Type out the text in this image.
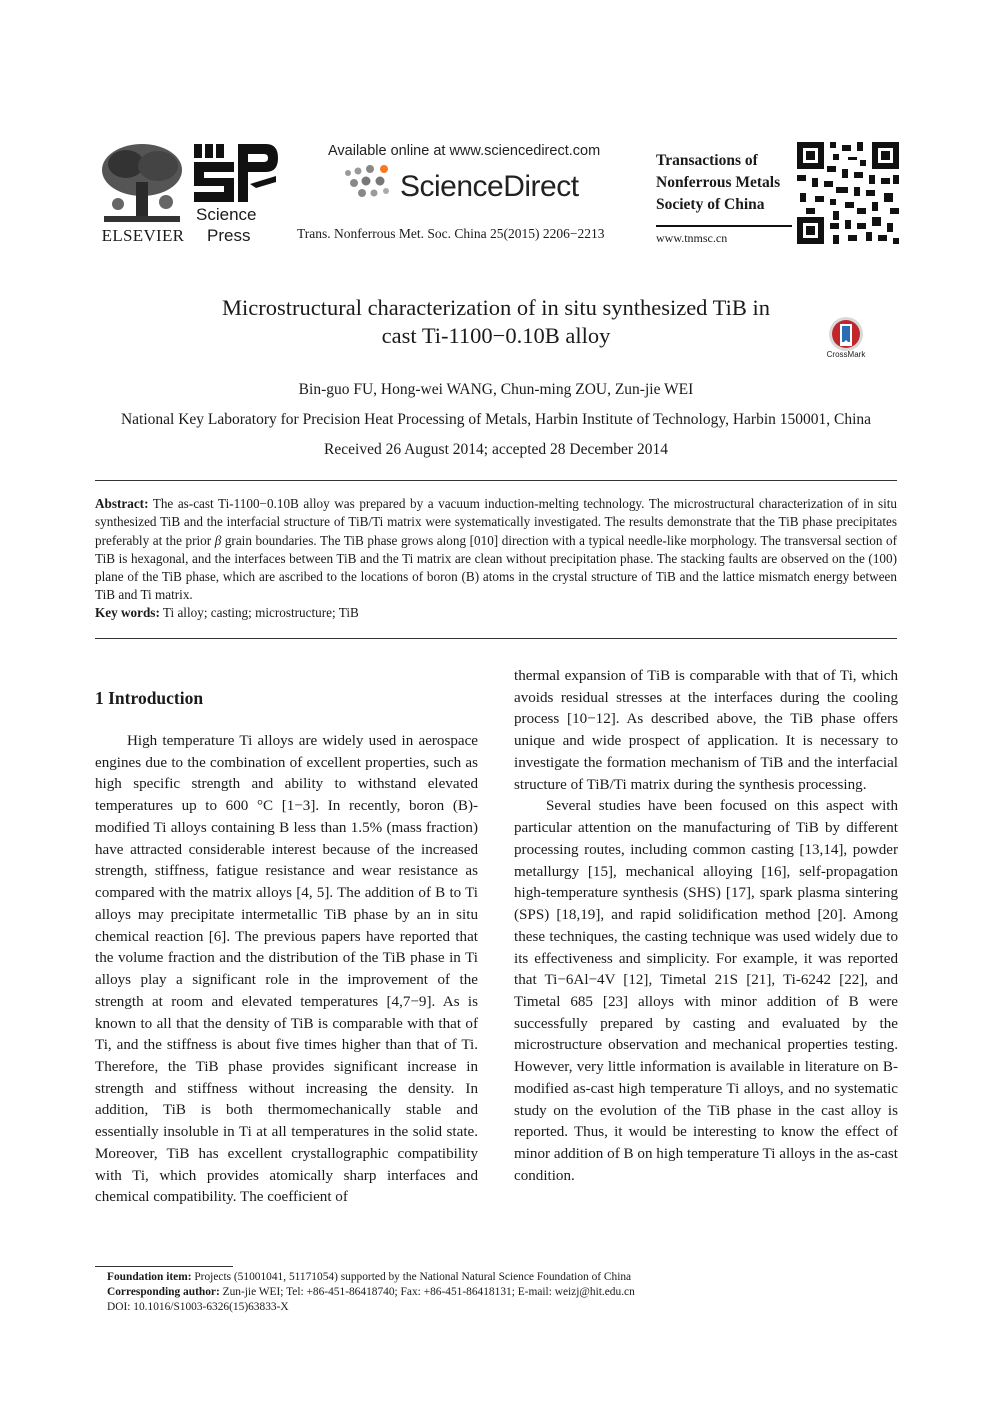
ELSEVIER
Science
Press
Available online at www.sciencedirect.com
ScienceDirect
Trans. Nonferrous Met. Soc. China 25(2015) 2206−2213
Transactions of
Nonferrous Metals
Society of China
www.tnmsc.cn
Microstructural characterization of in situ synthesized TiB in
cast Ti-1100−0.10B alloy
CrossMark
Bin-guo FU, Hong-wei WANG, Chun-ming ZOU, Zun-jie WEI
National Key Laboratory for Precision Heat Processing of Metals, Harbin Institute of Technology, Harbin 150001, China
Received 26 August 2014; accepted 28 December 2014
Abstract: The as-cast Ti-1100−0.10B alloy was prepared by a vacuum induction-melting technology. The microstructural characterization of in situ synthesized TiB and the interfacial structure of TiB/Ti matrix were systematically investigated. The results demonstrate that the TiB phase precipitates preferably at the prior β grain boundaries. The TiB phase grows along [010] direction with a typical needle-like morphology. The transversal section of TiB is hexagonal, and the interfaces between TiB and the Ti matrix are clean without precipitation phase. The stacking faults are observed on the (100) plane of the TiB phase, which are ascribed to the locations of boron (B) atoms in the crystal structure of TiB and the lattice mismatch energy between TiB and Ti matrix.
Key words: Ti alloy; casting; microstructure; TiB
1 Introduction

High temperature Ti alloys are widely used in aerospace engines due to the combination of excellent properties, such as high specific strength and ability to withstand elevated temperatures up to 600 °C [1−3]. In recently, boron (B)-modified Ti alloys containing B less than 1.5% (mass fraction) have attracted considerable interest because of the increased strength, stiffness, fatigue resistance and wear resistance as compared with the matrix alloys [4, 5]. The addition of B to Ti alloys may precipitate intermetallic TiB phase by an in situ chemical reaction [6]. The previous papers have reported that the volume fraction and the distribution of the TiB phase in Ti alloys play a significant role in the improvement of the strength at room and elevated temperatures [4,7−9]. As is known to all that the density of TiB is comparable with that of Ti, and the stiffness is about five times higher than that of Ti. Therefore, the TiB phase provides significant increase in strength and stiffness without increasing the density. In addition, TiB is both thermomechanically stable and essentially insoluble in Ti at all temperatures in the solid state. Moreover, TiB has excellent crystallographic compatibility with Ti, which provides atomically sharp interfaces and chemical compatibility. The coefficient of

thermal expansion of TiB is comparable with that of Ti, which avoids residual stresses at the interfaces during the cooling process [10−12]. As described above, the TiB phase offers unique and wide prospect of application. It is necessary to investigate the formation mechanism of TiB and the interfacial structure of TiB/Ti matrix during the synthesis processing.

Several studies have been focused on this aspect with particular attention on the manufacturing of TiB by different processing routes, including common casting [13,14], powder metallurgy [15], mechanical alloying [16], self-propagation high-temperature synthesis (SHS) [17], spark plasma sintering (SPS) [18,19], and rapid solidification method [20]. Among these techniques, the casting technique was used widely due to its effectiveness and simplicity. For example, it was reported that Ti−6Al−4V [12], Timetal 21S [21], Ti-6242 [22], and Timetal 685 [23] alloys with minor addition of B were successfully prepared by casting and evaluated by the microstructure observation and mechanical properties testing. However, very little information is available in literature on B-modified as-cast high temperature Ti alloys, and no systematic study on the evolution of the TiB phase in the cast alloy is reported. Thus, it would be interesting to know the effect of minor addition of B on high temperature Ti alloys in the as-cast condition.

Foundation item: Projects (51001041, 51171054) supported by the National Natural Science Foundation of China
Corresponding author: Zun-jie WEI; Tel: +86-451-86418740; Fax: +86-451-86418131; E-mail: weizj@hit.edu.cn
DOI: 10.1016/S1003-6326(15)63833-X
